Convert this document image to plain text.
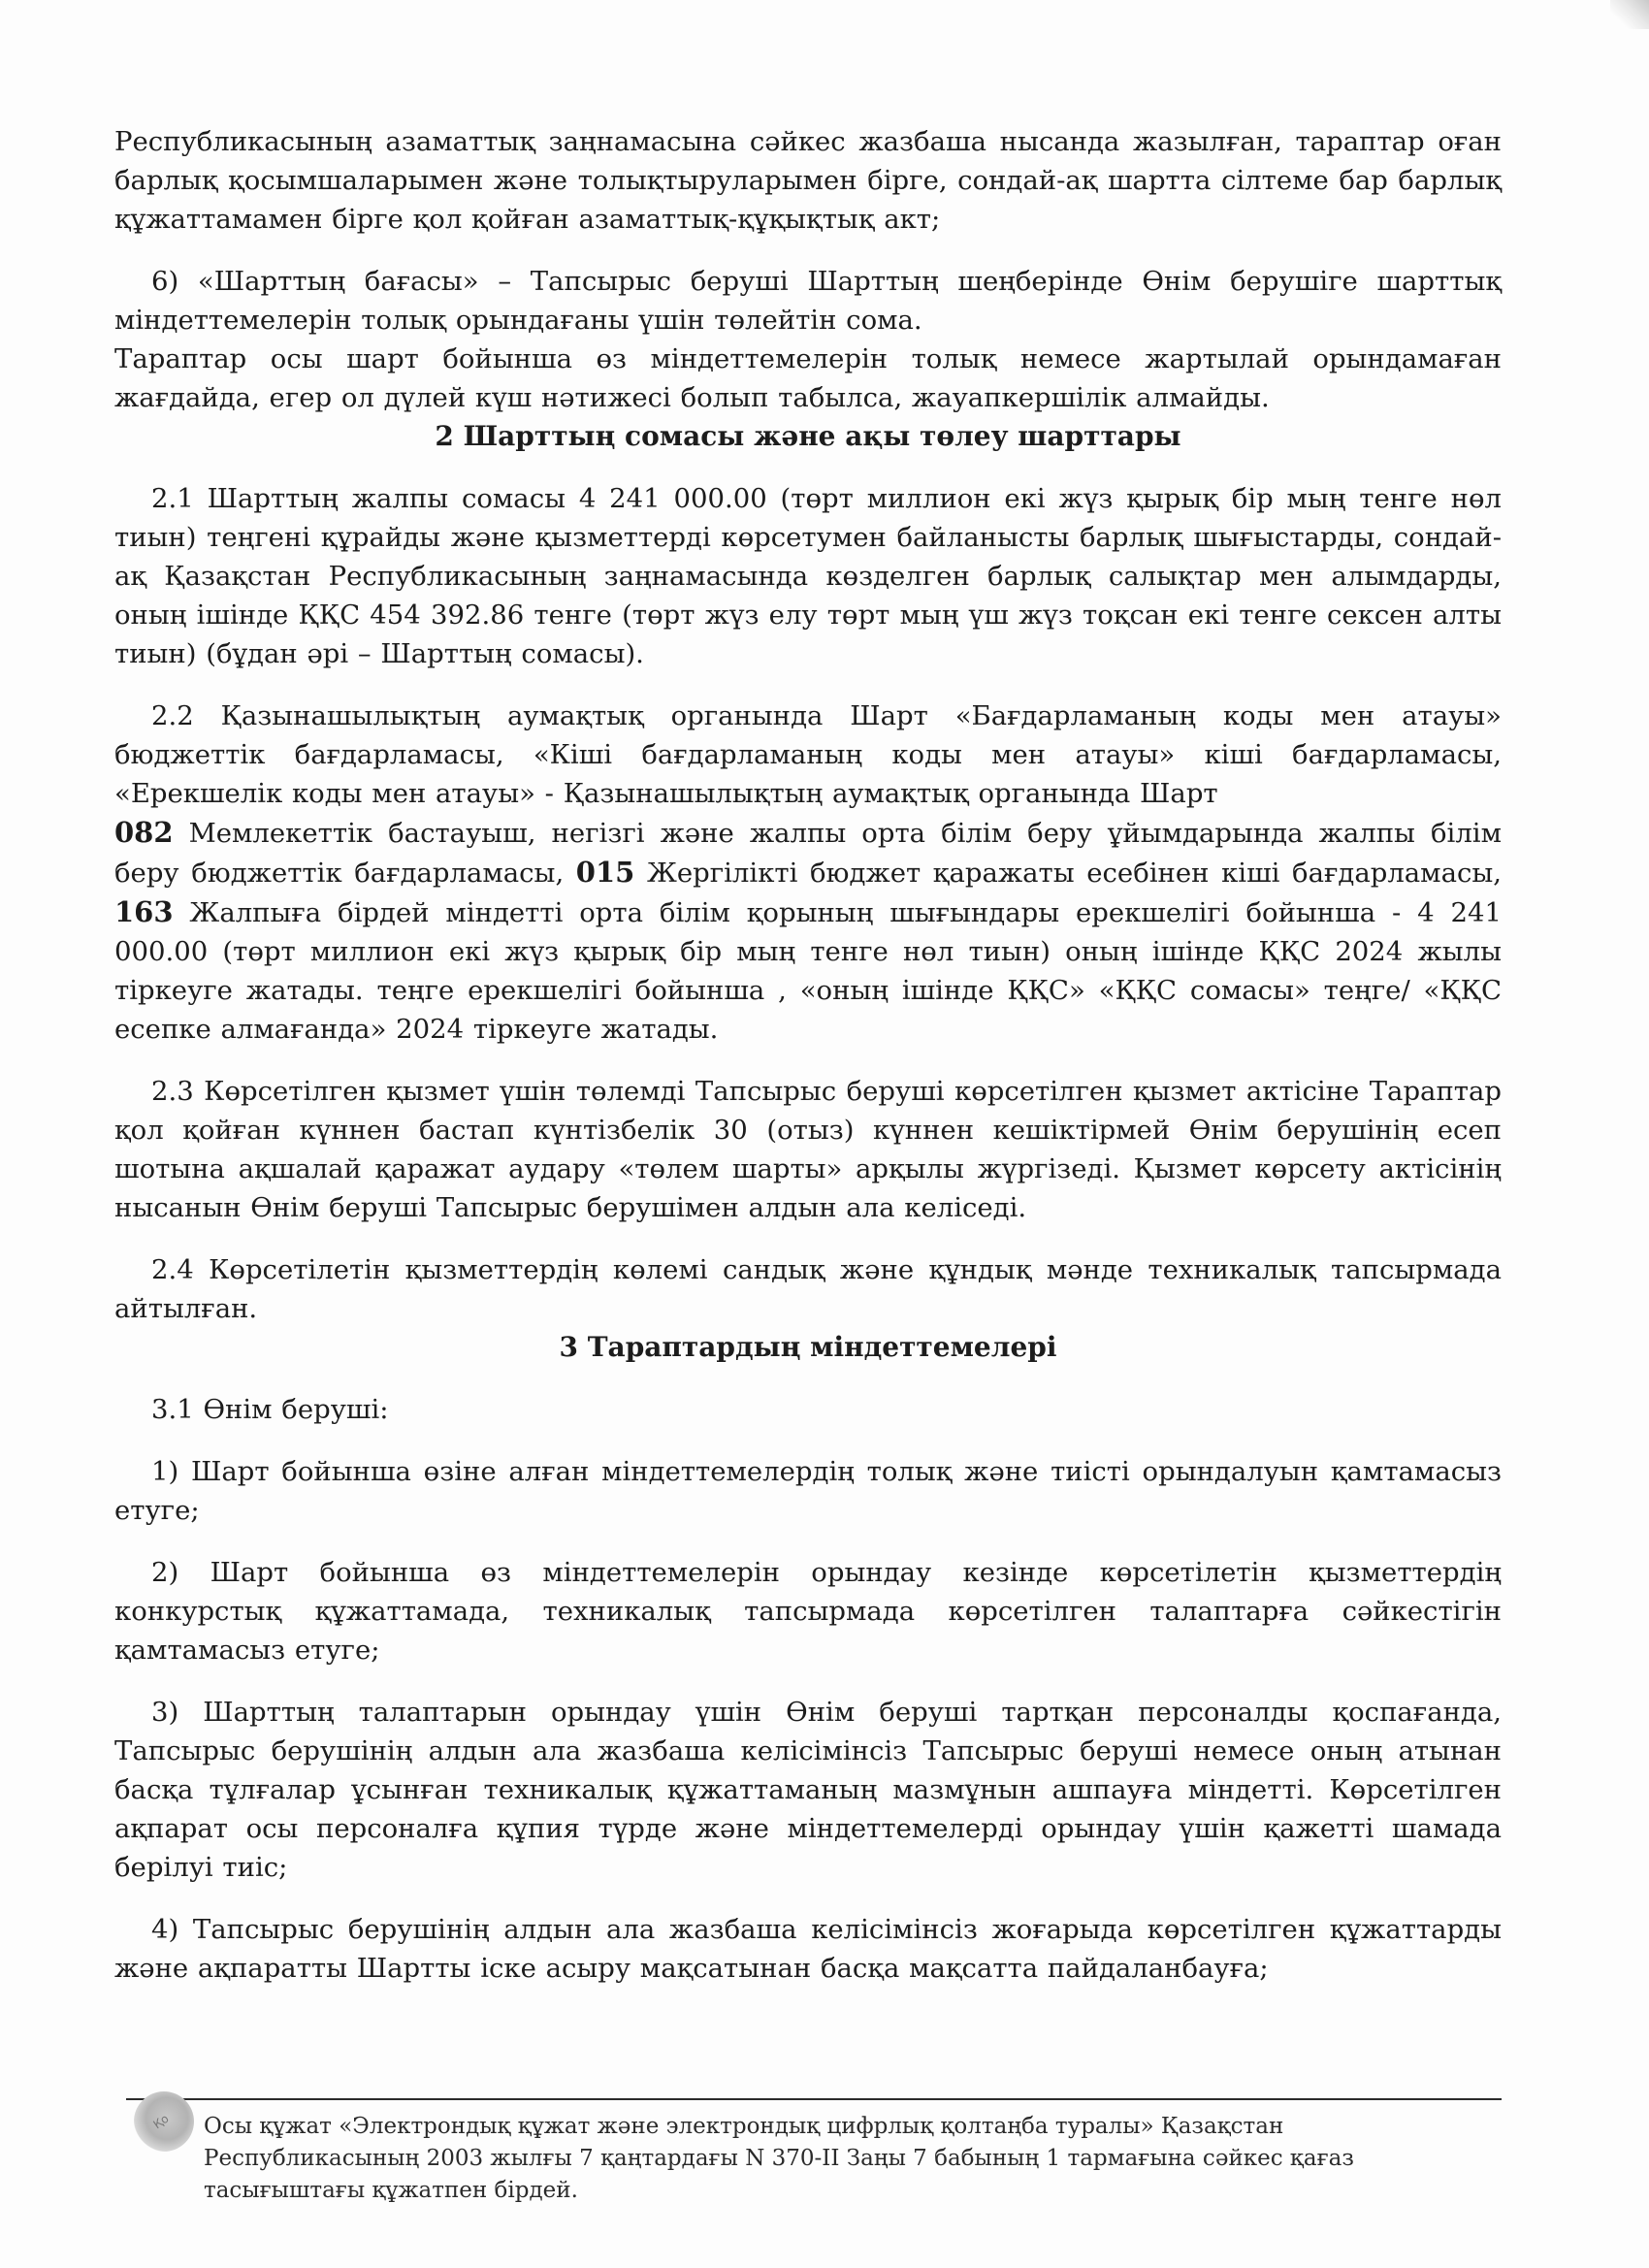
Республикасының азаматтық заңнамасына сәйкес жазбаша нысанда жазылған, тараптар оған барлық қосымшаларымен және толықтыруларымен бірге, сондай-ақ шартта сілтеме бар барлық құжаттамамен бірге қол қойған азаматтық-құқықтық акт;

6) «Шарттың бағасы» – Тапсырыс беруші Шарттың шеңберінде Өнім берушіге шарттық міндеттемелерін толық орындағаны үшін төлейтін сома.

Тараптар осы шарт бойынша өз міндеттемелерін толық немесе жартылай орындамаған жағдайда, егер ол дүлей күш нәтижесі болып табылса, жауапкершілік алмайды.

2 Шарттың сомасы және ақы төлеу шарттары

2.1 Шарттың жалпы сомасы 4 241 000.00 (төрт миллион екі жүз қырық бір мың тенге нөл тиын) теңгені құрайды және қызметтерді көрсетумен байланысты барлық шығыстарды, сондай-ақ Қазақстан Республикасының заңнамасында көзделген барлық салықтар мен алымдарды, оның ішінде ҚҚС 454 392.86 тенге (төрт жүз елу төрт мың үш жүз тоқсан екі тенге сексен алты тиын) (бұдан әрі – Шарттың сомасы).

2.2 Қазынашылықтың аумақтық органында Шарт «Бағдарламаның коды мен атауы» бюджеттік бағдарламасы, «Кіші бағдарламаның коды мен атауы» кіші бағдарламасы, «Ерекшелік коды мен атауы» - Қазынашылықтың аумақтық органында Шарт

082 Мемлекеттік бастауыш, негізгі және жалпы орта білім беру ұйымдарында жалпы білім беру бюджеттік бағдарламасы, 015 Жергілікті бюджет қаражаты есебінен кіші бағдарламасы, 163 Жалпыға бірдей міндетті орта білім қорының шығындары ерекшелігі бойынша - 4 241 000.00 (төрт миллион екі жүз қырық бір мың тенге нөл тиын) оның ішінде ҚҚС 2024 жылы тіркеуге жатады. теңге ерекшелігі бойынша , «оның ішінде ҚҚС» «ҚҚС сомасы» теңге/ «ҚҚС есепке алмағанда» 2024 тіркеуге жатады.

2.3 Көрсетілген қызмет үшін төлемді Тапсырыс беруші көрсетілген қызмет актісіне Тараптар қол қойған күннен бастап күнтізбелік 30 (отыз) күннен кешіктірмей Өнім берушінің есеп шотына ақшалай қаражат аудару «төлем шарты» арқылы жүргізеді. Қызмет көрсету актісінің нысанын Өнім беруші Тапсырыс берушімен алдын ала келіседі.

2.4 Көрсетілетін қызметтердің көлемі сандық және құндық мәнде техникалық тапсырмада айтылған.

3 Тараптардың міндеттемелері

3.1 Өнім беруші:

1) Шарт бойынша өзіне алған міндеттемелердің толық және тиісті орындалуын қамтамасыз етуге;

2) Шарт бойынша өз міндеттемелерін орындау кезінде көрсетілетін қызметтердің конкурстық құжаттамада, техникалық тапсырмада көрсетілген талаптарға сәйкестігін қамтамасыз етуге;

3) Шарттың талаптарын орындау үшін Өнім беруші тартқан персоналды қоспағанда, Тапсырыс берушінің алдын ала жазбаша келісімінсіз Тапсырыс беруші немесе оның атынан басқа тұлғалар ұсынған техникалық құжаттаманың мазмұнын ашпауға міндетті. Көрсетілген ақпарат осы персоналға құпия түрде және міндеттемелерді орындау үшін қажетті шамада берілуі тиіс;

4) Тапсырыс берушінің алдын ала жазбаша келісімінсіз жоғарыда көрсетілген құжаттарды және ақпаратты Шартты іске асыру мақсатынан басқа мақсатта пайдаланбауға;

Қо Осы құжат «Электрондық құжат және электрондық цифрлық қолтаңба туралы» Қазақстан

Республикасының 2003 жылғы 7 қаңтардағы N 370-II Заңы 7 бабының 1 тармағына сәйкес қағаз

тасығыштағы құжатпен бірдей.
